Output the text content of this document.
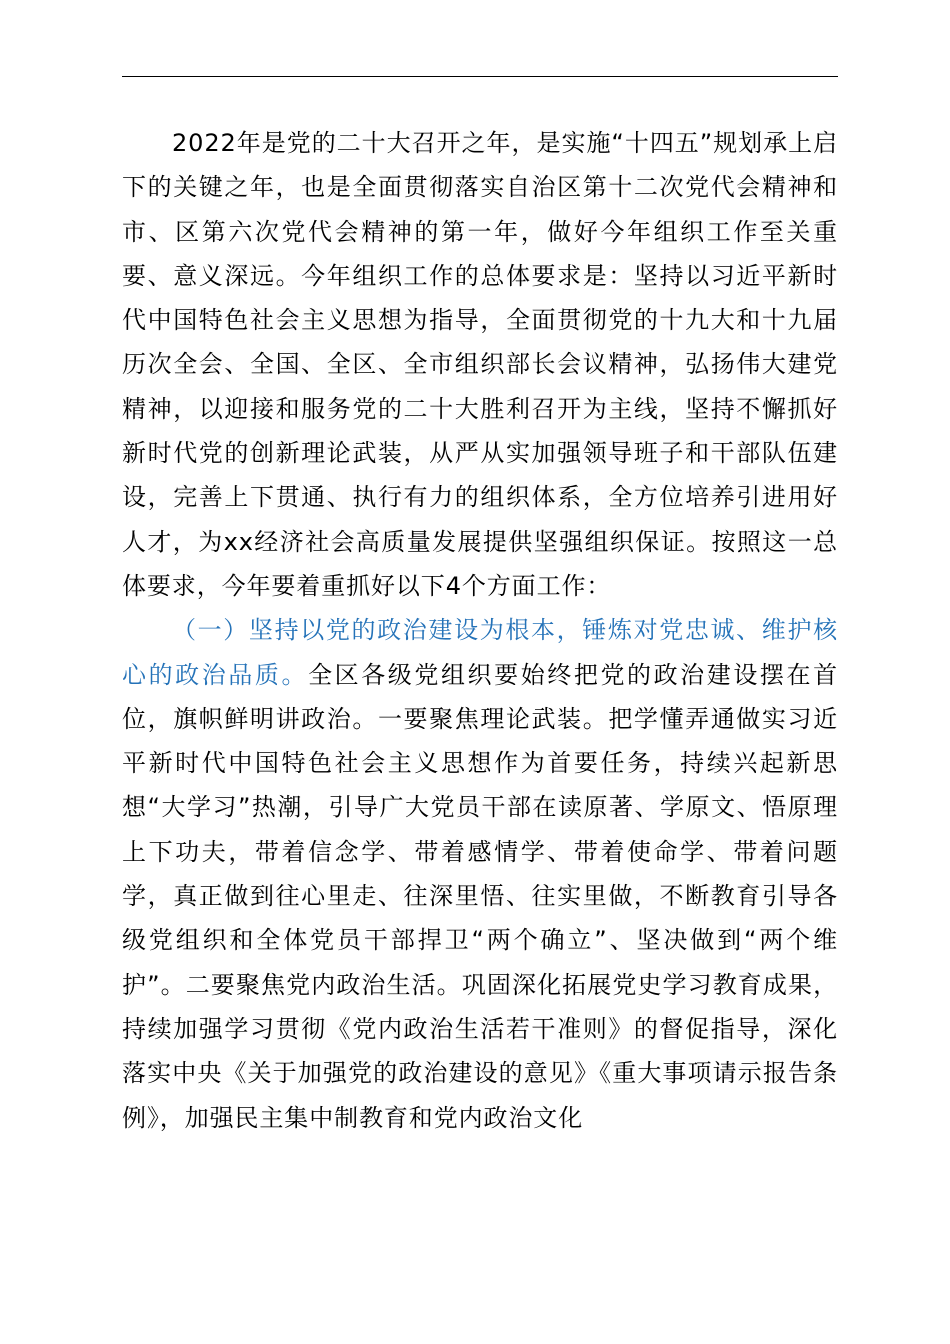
2022年是党的二十大召开之年，是实施“十四五”规划承上启下的关键之年，也是全面贯彻落实自治区第十二次党代会精神和市、区第六次党代会精神的第一年，做好今年组织工作至关重要、意义深远。今年组织工作的总体要求是：坚持以习近平新时代中国特色社会主义思想为指导，全面贯彻党的十九大和十九届历次全会、全国、全区、全市组织部长会议精神，弘扬伟大建党精神，以迎接和服务党的二十大胜利召开为主线，坚持不懈抓好新时代党的创新理论武装，从严从实加强领导班子和干部队伍建设，完善上下贯通、执行有力的组织体系，全方位培养引进用好人才，为xx经济社会高质量发展提供坚强组织保证。按照这一总体要求，今年要着重抓好以下4个方面工作：

（一）坚持以党的政治建设为根本，锤炼对党忠诚、维护核心的政治品质。全区各级党组织要始终把党的政治建设摆在首位，旗帜鲜明讲政治。一要聚焦理论武装。把学懂弄通做实习近平新时代中国特色社会主义思想作为首要任务，持续兴起新思想“大学习”热潮，引导广大党员干部在读原著、学原文、悟原理上下功夫，带着信念学、带着感情学、带着使命学、带着问题学，真正做到往心里走、往深里悟、往实里做，不断教育引导各级党组织和全体党员干部捍卫“两个确立”、坚决做到“两个维护”。二要聚焦党内政治生活。巩固深化拓展党史学习教育成果，持续加强学习贯彻《党内政治生活若干准则》的督促指导，深化落实中央《关于加强党的政治建设的意见》《重大事项请示报告条例》，加强民主集中制教育和党内政治文化
